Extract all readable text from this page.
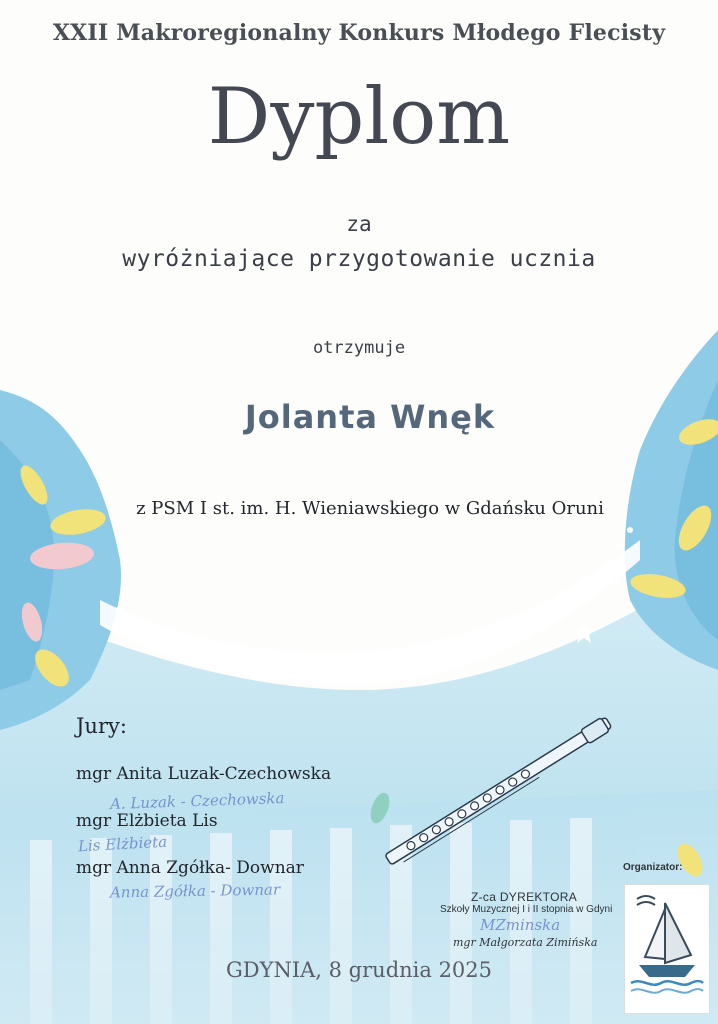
XXII Makroregionalny Konkurs Młodego Flecisty
Dyplom
za
wyróżniające przygotowanie ucznia
otrzymuje
Jolanta Wnęk
z PSM I st. im. H. Wieniawskiego w Gdańsku Oruni
Jury:
mgr Anita Luzak-Czechowska
A. Luzak - Czechowska
mgr Elżbieta Lis
Lis Elżbieta
mgr Anna Zgółka- Downar
Anna Zgółka - Downar	Z-ca DYREKTORA
Szkoły Muzycznej I i II stopnia w Gdyni
MZminska
mgr Małgorzata Zimińska
GDYNIA, 8 grudnia 2025
Organizator:
